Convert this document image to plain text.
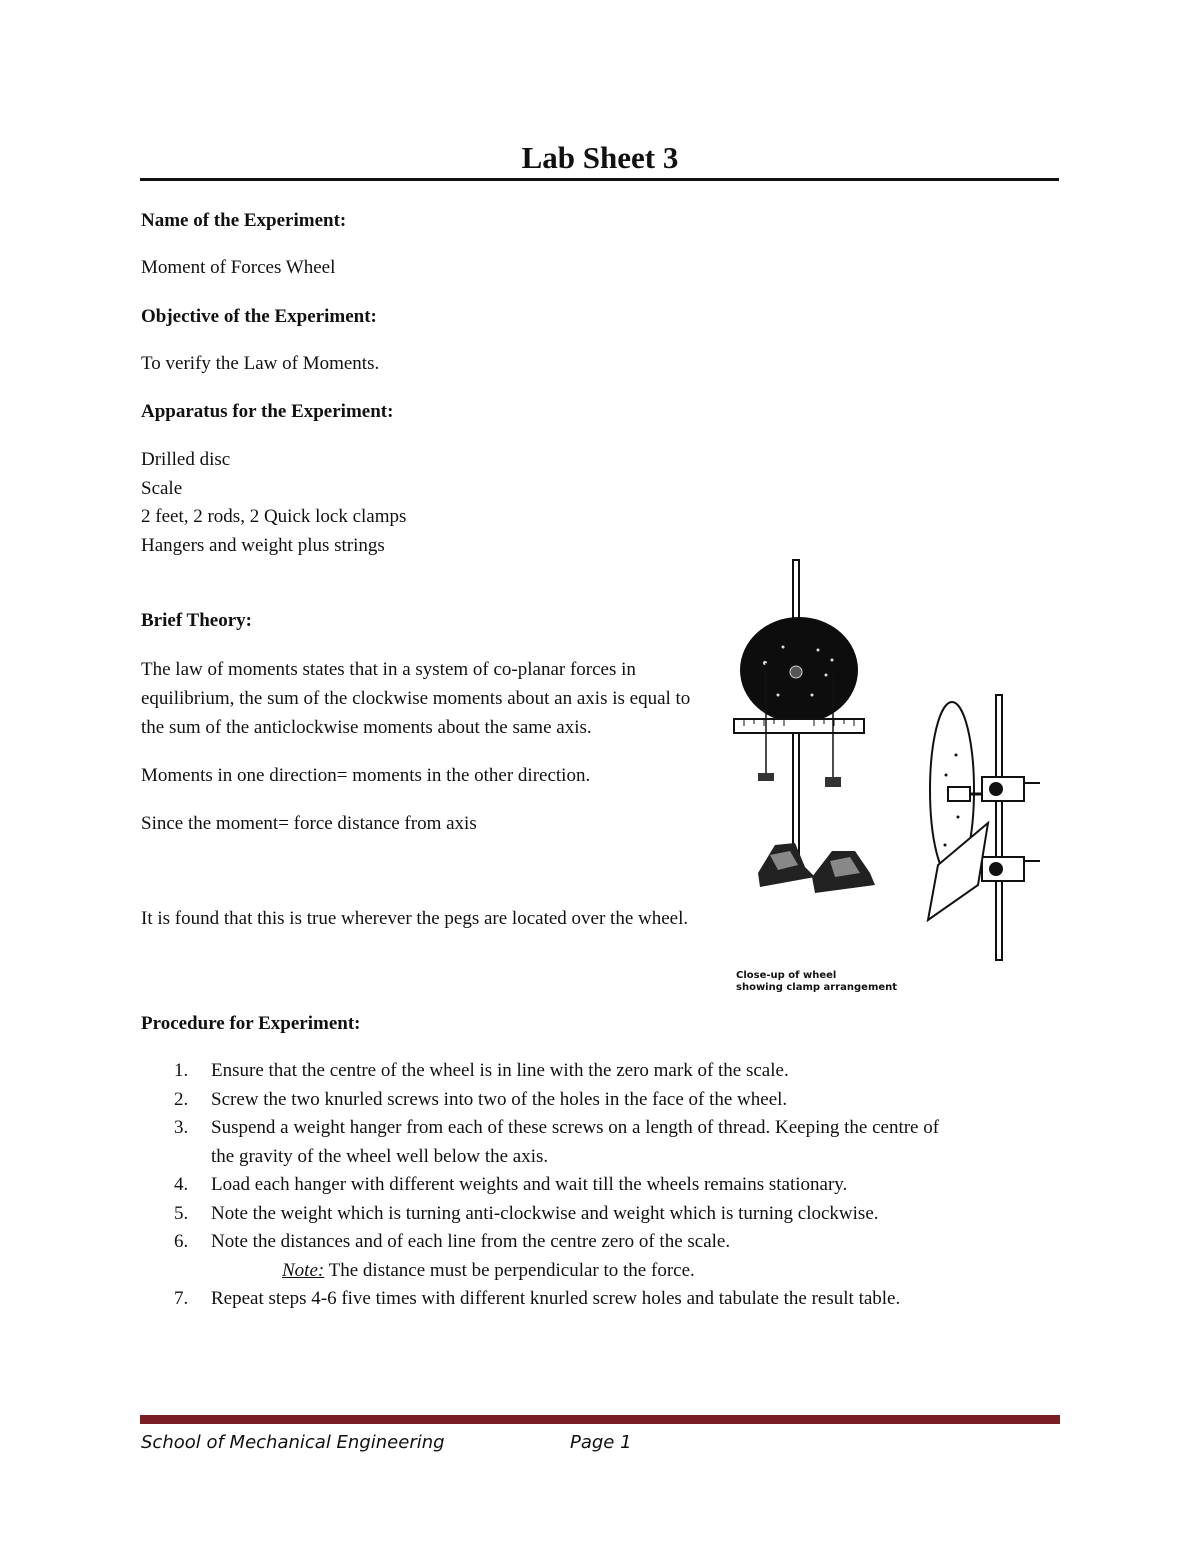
Lab Sheet 3
Name of the Experiment:
Moment of Forces Wheel
Objective of the Experiment:
To verify the Law of Moments.
Apparatus for the Experiment:
Drilled disc
Scale
2 feet, 2 rods, 2 Quick lock clamps
Hangers and weight plus strings
Brief Theory:

The law of moments states that in a system of co-planar forces in equilibrium, the sum of the clockwise moments about an axis is equal to the sum of the anticlockwise moments about the same axis.

Moments in one direction= moments in the other direction.

Since the moment= force distance from axis

It is found that this is true wherever the pegs are located over the wheel.

Close-up of wheel
showing clamp arrangement
Procedure for Experiment:
1. Ensure that the centre of the wheel is in line with the zero mark of the scale.
2. Screw the two knurled screws into two of the holes in the face of the wheel.
3. Suspend a weight hanger from each of these screws on a length of thread. Keeping the centre of
the gravity of the wheel well below the axis.
4. Load each hanger with different weights and wait till the wheels remains stationary.
5. Note the weight which is turning anti-clockwise and weight which is turning clockwise.
6. Note the distances and of each line from the centre zero of the scale.
Note: The distance must be perpendicular to the force.
7. Repeat steps 4-6 five times with different knurled screw holes and tabulate the result table.
School of Mechanical Engineering	Page 1
